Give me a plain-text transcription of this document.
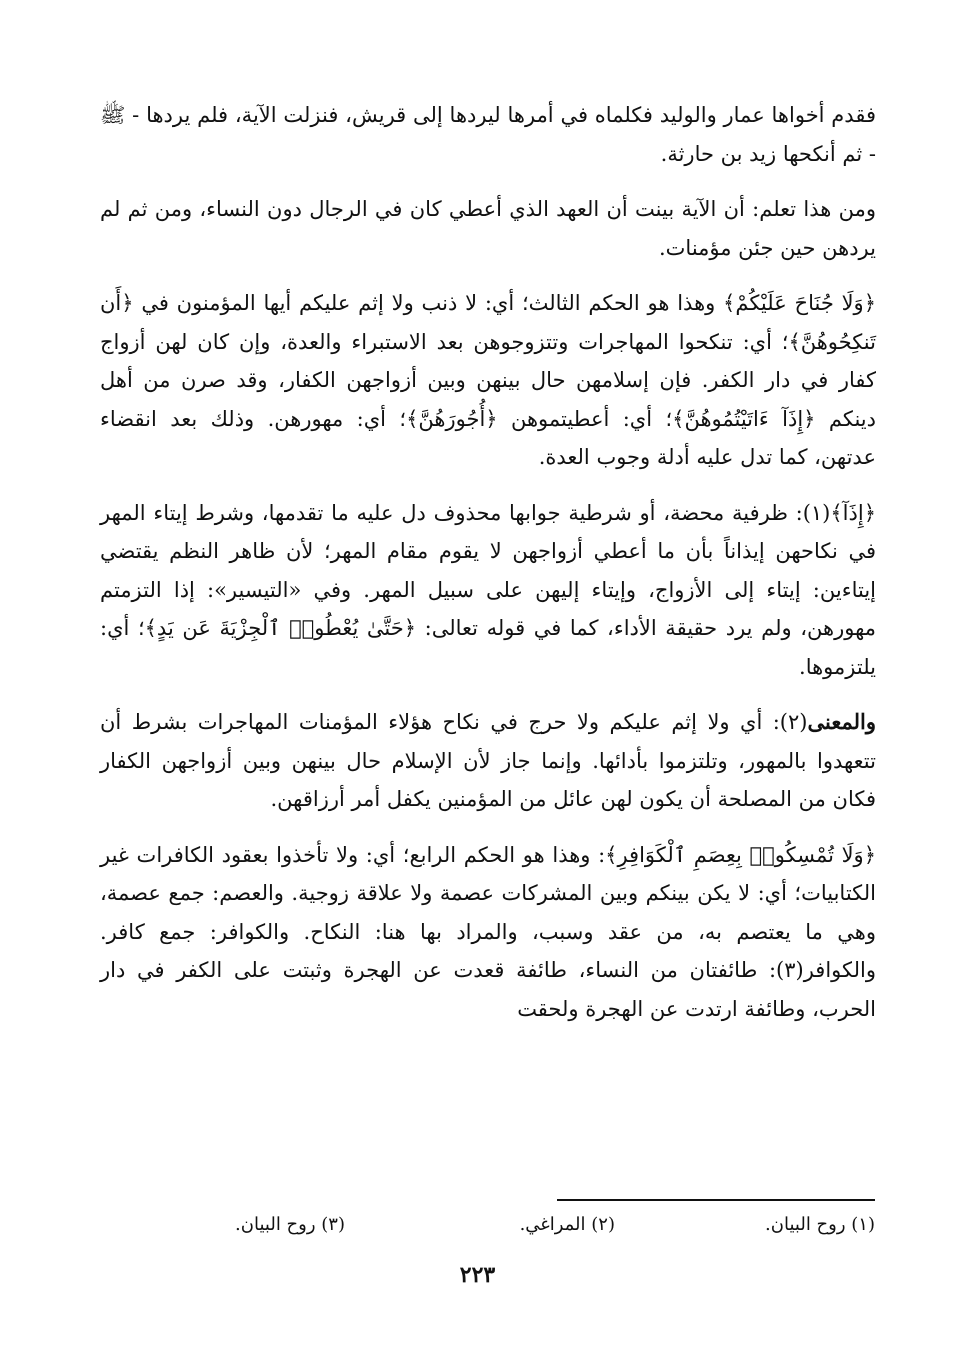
فقدم أخواها عمار والوليد فكلماه في أمرها ليردها إلى قريش، فنزلت الآية، فلم يردها - ﷺ - ثم أنكحها زيد بن حارثة.

ومن هذا تعلم: أن الآية بينت أن العهد الذي أعطي كان في الرجال دون النساء، ومن ثم لم يردهن حين جئن مؤمنات.

﴿وَلَا جُنَاحَ عَلَيْكُمْ﴾ وهذا هو الحكم الثالث؛ أي: لا ذنب ولا إثم عليكم أيها المؤمنون في ﴿أَن تَنكِحُوهُنَّ﴾؛ أي: تنكحوا المهاجرات وتتزوجوهن بعد الاستبراء والعدة، وإن كان لهن أزواج كفار في دار الكفر. فإن إسلامهن حال بينهن وبين أزواجهن الكفار، وقد صرن من أهل دينكم ﴿إِذَآ ءَاتَيْتُمُوهُنَّ﴾؛ أي: أعطيتموهن ﴿أُجُورَهُنَّ﴾؛ أي: مهورهن. وذلك بعد انقضاء عدتهن، كما تدل عليه أدلة وجوب العدة.

﴿إِذَآ﴾(١): ظرفية محضة، أو شرطية جوابها محذوف دل عليه ما تقدمها، وشرط إيتاء المهر في نكاحهن إيذاناً بأن ما أعطي أزواجهن لا يقوم مقام المهر؛ لأن ظاهر النظم يقتضي إيتاءين: إيتاء إلى الأزواج، وإيتاء إليهن على سبيل المهر. وفي «التيسير»: إذا التزمتم مهورهن، ولم يرد حقيقة الأداء، كما في قوله تعالى: ﴿حَتَّىٰ يُعْطُوا۟ ٱلْجِزْيَةَ عَن يَدٍ﴾؛ أي: يلتزموها.

والمعنى(٢): أي ولا إثم عليكم ولا حرج في نكاح هؤلاء المؤمنات المهاجرات بشرط أن تتعهدوا بالمهور، وتلتزموا بأدائها. وإنما جاز لأن الإسلام حال بينهن وبين أزواجهن الكفار فكان من المصلحة أن يكون لهن عائل من المؤمنين يكفل أمر أرزاقهن.

﴿وَلَا تُمْسِكُوا۟ بِعِصَمِ ٱلْكَوَافِرِ﴾: وهذا هو الحكم الرابع؛ أي: ولا تأخذوا بعقود الكافرات غير الكتابيات؛ أي: لا يكن بينكم وبين المشركات عصمة ولا علاقة زوجية. والعصم: جمع عصمة، وهي ما يعتصم به، من عقد وسبب، والمراد بها هنا: النكاح. والكوافر: جمع كافر. والكوافر(٣): طائفتان من النساء، طائفة قعدت عن الهجرة وثبتت على الكفر في دار الحرب، وطائفة ارتدت عن الهجرة ولحقت

(١) روح البيان.
(٢) المراغي.
(٣) روح البيان.
٢٢٣
